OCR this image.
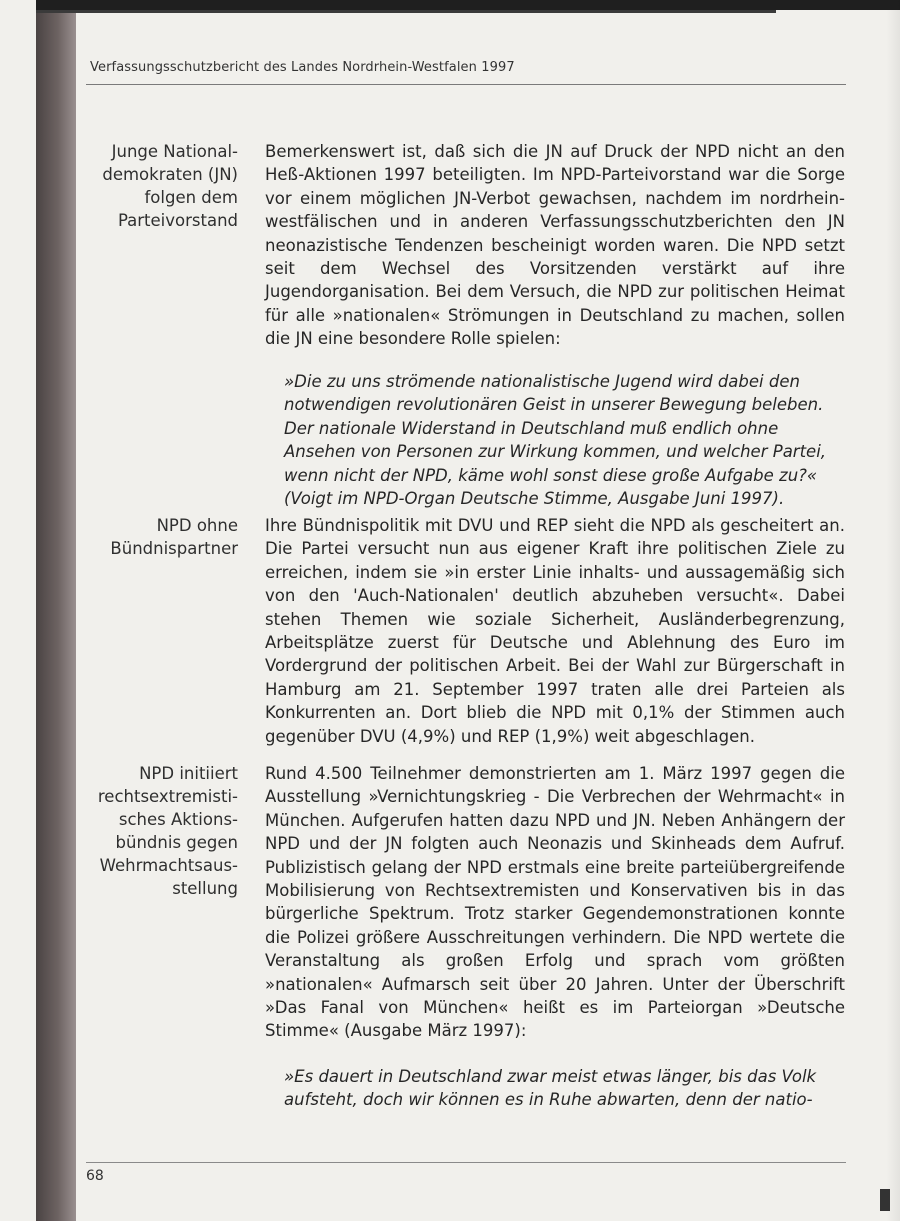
Verfassungsschutzbericht des Landes Nordrhein-Westfalen 1997
Junge National-
demokraten (JN)
folgen dem
Parteivorstand
NPD ohne
Bündnispartner
NPD initiiert
rechtsextremisti-
sches Aktions-
bündnis gegen
Wehrmachtsaus-
stellung

Bemerkenswert ist, daß sich die JN auf Druck der NPD nicht an den Heß-Aktionen 1997 beteiligten. Im NPD-Parteivorstand war die Sorge vor einem möglichen JN-Verbot gewachsen, nachdem im nordrhein-westfälischen und in anderen Verfassungsschutzberichten den JN neonazistische Tendenzen bescheinigt worden waren. Die NPD setzt seit dem Wechsel des Vorsitzenden verstärkt auf ihre Jugendorganisation. Bei dem Versuch, die NPD zur politischen Heimat für alle »nationalen« Strömungen in Deutschland zu machen, sollen die JN eine besondere Rolle spielen:

»Die zu uns strömende nationalistische Jugend wird dabei den notwendigen revolutionären Geist in unserer Bewegung beleben. Der nationale Widerstand in Deutschland muß endlich ohne Ansehen von Personen zur Wirkung kommen, und welcher Partei, wenn nicht der NPD, käme wohl sonst diese große Aufgabe zu?« (Voigt im NPD-Organ Deutsche Stimme, Ausgabe Juni 1997).

Ihre Bündnispolitik mit DVU und REP sieht die NPD als gescheitert an. Die Partei versucht nun aus eigener Kraft ihre politischen Ziele zu erreichen, indem sie »in erster Linie inhalts- und aussagemäßig sich von den 'Auch-Nationalen' deutlich abzuheben versucht«. Dabei stehen Themen wie soziale Sicherheit, Ausländerbegrenzung, Arbeitsplätze zuerst für Deutsche und Ablehnung des Euro im Vordergrund der politischen Arbeit. Bei der Wahl zur Bürgerschaft in Hamburg am 21. September 1997 traten alle drei Parteien als Konkurrenten an. Dort blieb die NPD mit 0,1% der Stimmen auch gegenüber DVU (4,9%) und REP (1,9%) weit abgeschlagen.

Rund 4.500 Teilnehmer demonstrierten am 1. März 1997 gegen die Ausstellung »Vernichtungskrieg - Die Verbrechen der Wehrmacht« in München. Aufgerufen hatten dazu NPD und JN. Neben Anhängern der NPD und der JN folgten auch Neonazis und Skinheads dem Aufruf. Publizistisch gelang der NPD erstmals eine breite parteiübergreifende Mobilisierung von Rechtsextremisten und Konservativen bis in das bürgerliche Spektrum. Trotz starker Gegendemonstrationen konnte die Polizei größere Ausschreitungen verhindern. Die NPD wertete die Veranstaltung als großen Erfolg und sprach vom größten »nationalen« Aufmarsch seit über 20 Jahren. Unter der Überschrift »Das Fanal von München« heißt es im Parteiorgan »Deutsche Stimme« (Ausgabe März 1997):

»Es dauert in Deutschland zwar meist etwas länger, bis das Volk aufsteht, doch wir können es in Ruhe abwarten, denn der natio-

68
